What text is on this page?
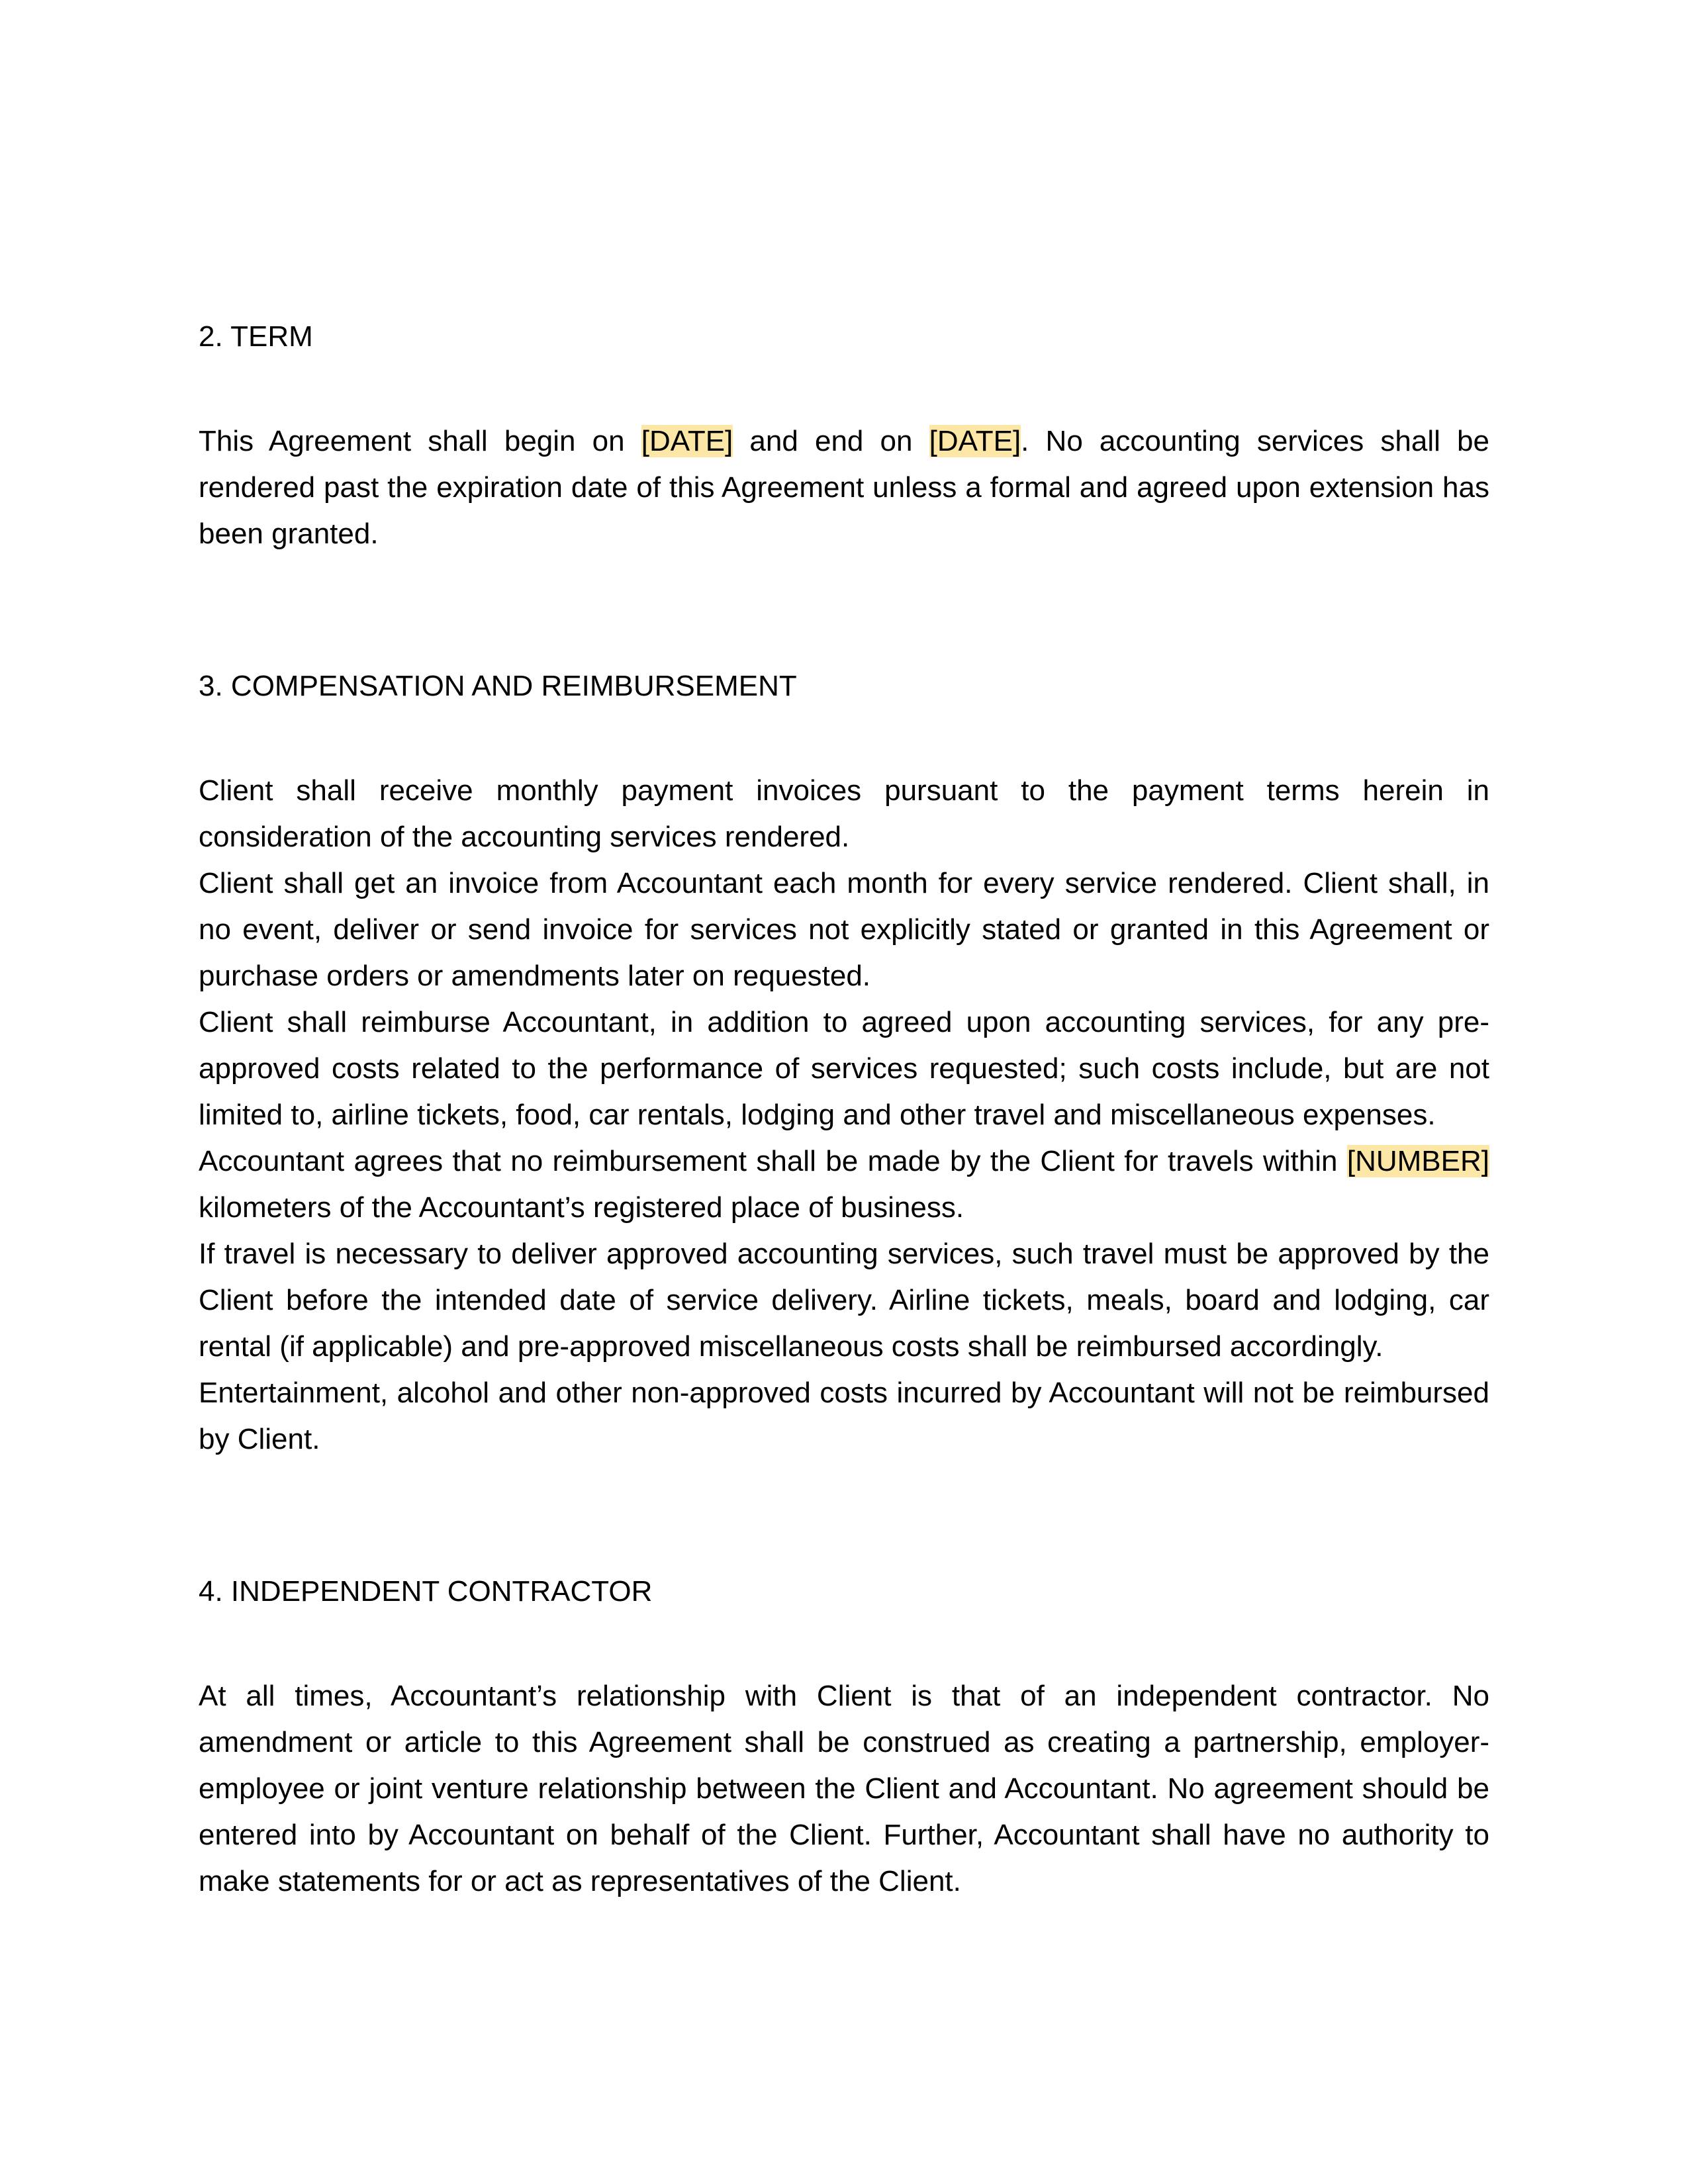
2. TERM

This Agreement shall begin on [DATE] and end on [DATE]. No accounting services shall be rendered past the expiration date of this Agreement unless a formal and agreed upon extension has been granted.

3. COMPENSATION AND REIMBURSEMENT

Client shall receive monthly payment invoices pursuant to the payment terms herein in consideration of the accounting services rendered.

Client shall get an invoice from Accountant each month for every service rendered. Client shall, in no event, deliver or send invoice for services not explicitly stated or granted in this Agreement or purchase orders or amendments later on requested.

Client shall reimburse Accountant, in addition to agreed upon accounting services, for any pre-approved costs related to the performance of services requested; such costs include, but are not limited to, airline tickets, food, car rentals, lodging and other travel and miscellaneous expenses.

Accountant agrees that no reimbursement shall be made by the Client for travels within [NUMBER] kilometers of the Accountant’s registered place of business.

If travel is necessary to deliver approved accounting services, such travel must be approved by the Client before the intended date of service delivery. Airline tickets, meals, board and lodging, car rental (if applicable) and pre-approved miscellaneous costs shall be reimbursed accordingly.

Entertainment, alcohol and other non-approved costs incurred by Accountant will not be reimbursed by Client.

4. INDEPENDENT CONTRACTOR

At all times, Accountant’s relationship with Client is that of an independent contractor. No amendment or article to this Agreement shall be construed as creating a partnership, employer-employee or joint venture relationship between the Client and Accountant. No agreement should be entered into by Accountant on behalf of the Client. Further, Accountant shall have no authority to make statements for or act as representatives of the Client.
